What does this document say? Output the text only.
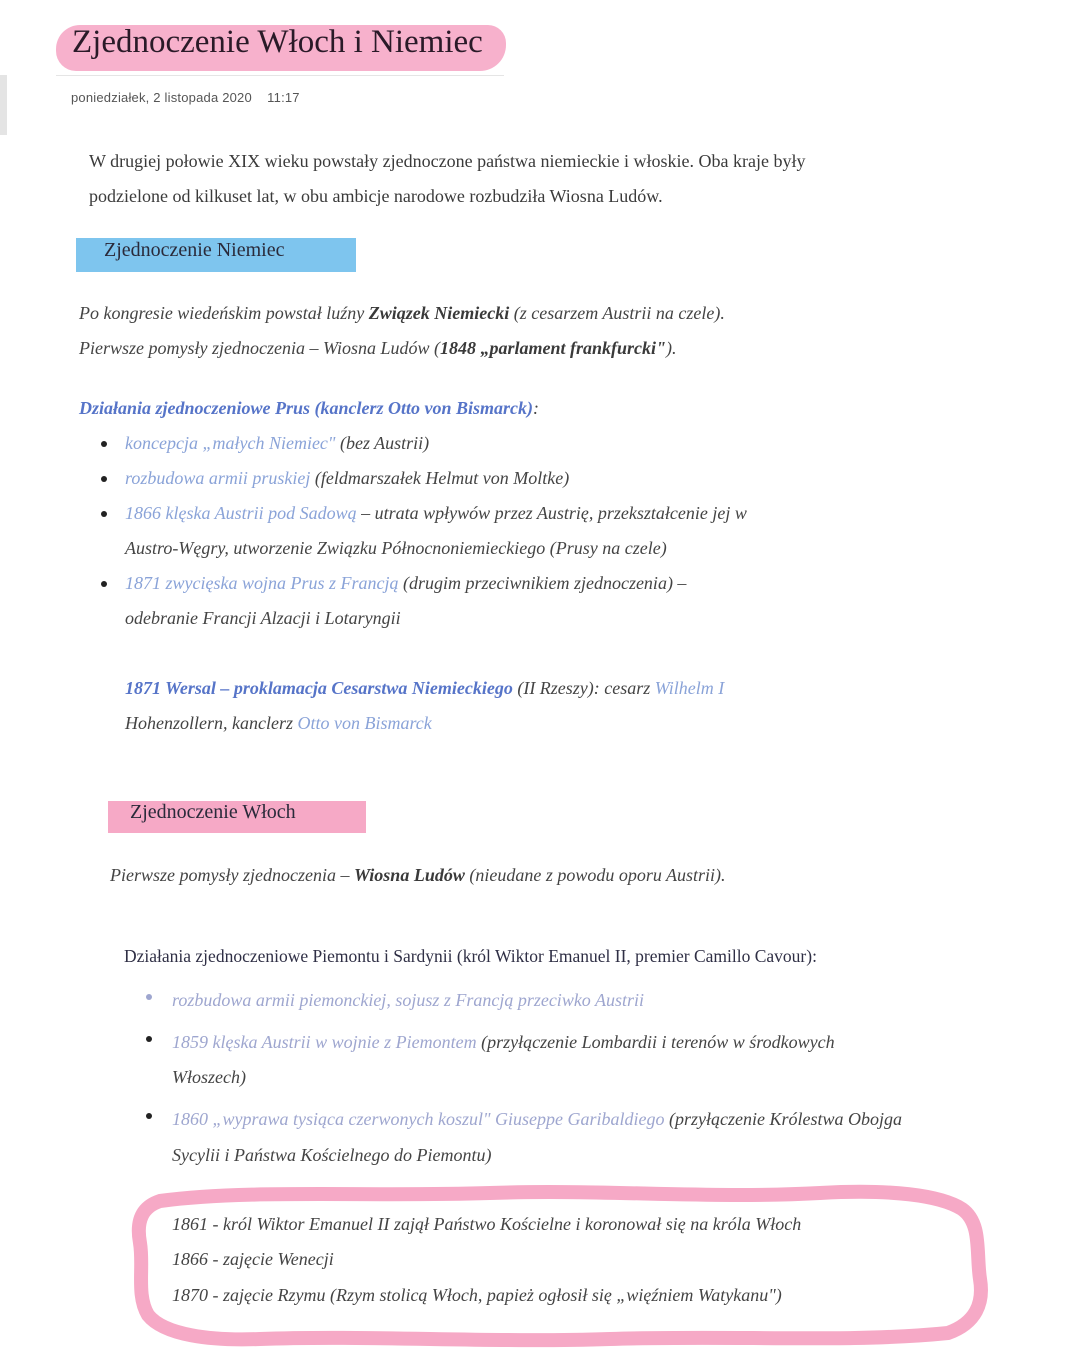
Zjednoczenie Włoch i Niemiec
poniedziałek, 2 listopada 2020 11:17
W drugiej połowie XIX wieku powstały zjednoczone państwa niemieckie i włoskie. Oba kraje były
podzielone od kilkuset lat, w obu ambicje narodowe rozbudziła Wiosna Ludów.
Zjednoczenie Niemiec
Po kongresie wiedeńskim powstał luźny Związek Niemiecki (z cesarzem Austrii na czele).
Pierwsze pomysły zjednoczenia – Wiosna Ludów (1848 „parlament frankfurcki").
Działania zjednoczeniowe Prus (kanclerz Otto von Bismarck):
koncepcja „małych Niemiec" (bez Austrii)
rozbudowa armii pruskiej (feldmarszałek Helmut von Moltke)
1866 klęska Austrii pod Sadową – utrata wpływów przez Austrię, przekształcenie jej w
Austro-Węgry, utworzenie Związku Północnoniemieckiego (Prusy na czele)
1871 zwycięska wojna Prus z Francją (drugim przeciwnikiem zjednoczenia) –
odebranie Francji Alzacji i Lotaryngii
1871 Wersal – proklamacja Cesarstwa Niemieckiego (II Rzeszy): cesarz Wilhelm I
Hohenzollern, kanclerz Otto von Bismarck
Zjednoczenie Włoch
Pierwsze pomysły zjednoczenia – Wiosna Ludów (nieudane z powodu oporu Austrii).
Działania zjednoczeniowe Piemontu i Sardynii (król Wiktor Emanuel II, premier Camillo Cavour):
rozbudowa armii piemonckiej, sojusz z Francją przeciwko Austrii
1859 klęska Austrii w wojnie z Piemontem (przyłączenie Lombardii i terenów w środkowych
Włoszech)
1860 „wyprawa tysiąca czerwonych koszul" Giuseppe Garibaldiego (przyłączenie Królestwa Obojga
Sycylii i Państwa Kościelnego do Piemontu)
1861 - król Wiktor Emanuel II zajął Państwo Kościelne i koronował się na króla Włoch
1866 - zajęcie Wenecji
1870 - zajęcie Rzymu (Rzym stolicą Włoch, papież ogłosił się „więźniem Watykanu")
